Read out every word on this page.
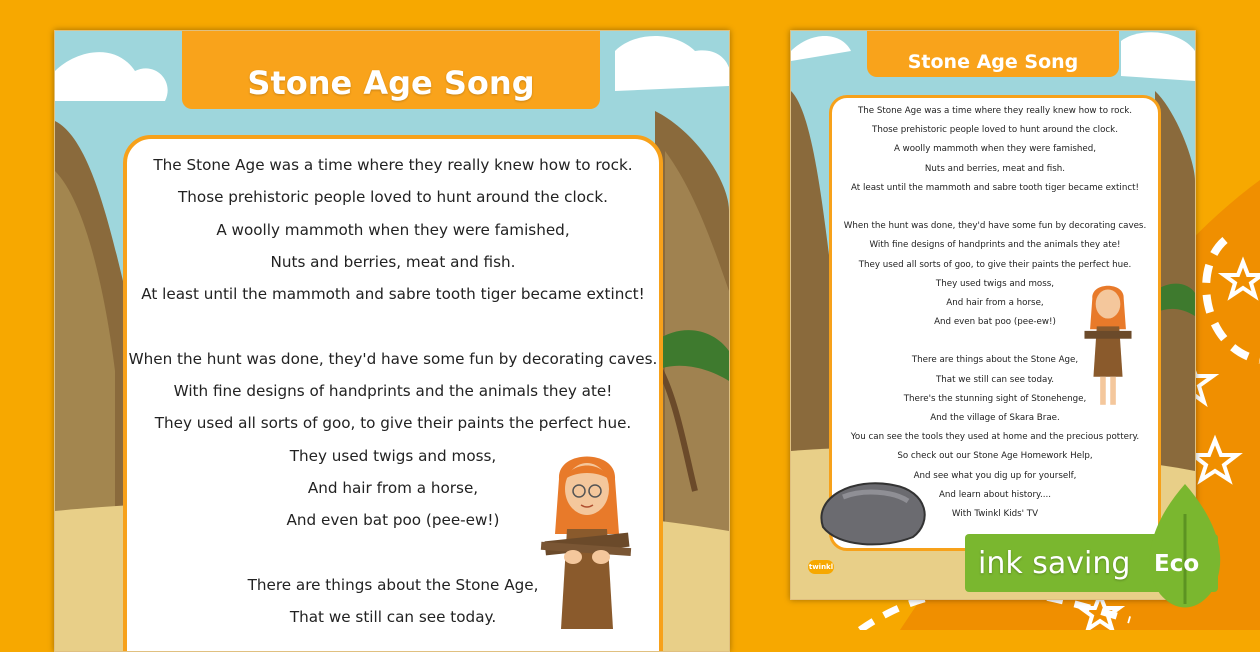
Stone Age Song
The Stone Age was a time where they really knew how to rock.
Those prehistoric people loved to hunt around the clock.
A woolly mammoth when they were famished,
Nuts and berries, meat and fish.
At least until the mammoth and sabre tooth tiger became extinct!
When the hunt was done, they'd have some fun by decorating caves.
With fine designs of handprints and the animals they ate!
They used all sorts of goo, to give their paints the perfect hue.
They used twigs and moss,
And hair from a horse,
And even bat poo (pee-ew!)
There are things about the Stone Age,
That we still can see today.
Stone Age Song
The Stone Age was a time where they really knew how to rock.
Those prehistoric people loved to hunt around the clock.
A woolly mammoth when they were famished,
Nuts and berries, meat and fish.
At least until the mammoth and sabre tooth tiger became extinct!
When the hunt was done, they'd have some fun by decorating caves.
With fine designs of handprints and the animals they ate!
They used all sorts of goo, to give their paints the perfect hue.
They used twigs and moss,
And hair from a horse,
And even bat poo (pee-ew!)
There are things about the Stone Age,
That we still can see today.
There's the stunning sight of Stonehenge,
And the village of Skara Brae.
You can see the tools they used at home and the precious pottery.
So check out our Stone Age Homework Help,
And see what you dig up for yourself,
And learn about history....
With Twinkl Kids' TV
twinkl	ink saving Eco
